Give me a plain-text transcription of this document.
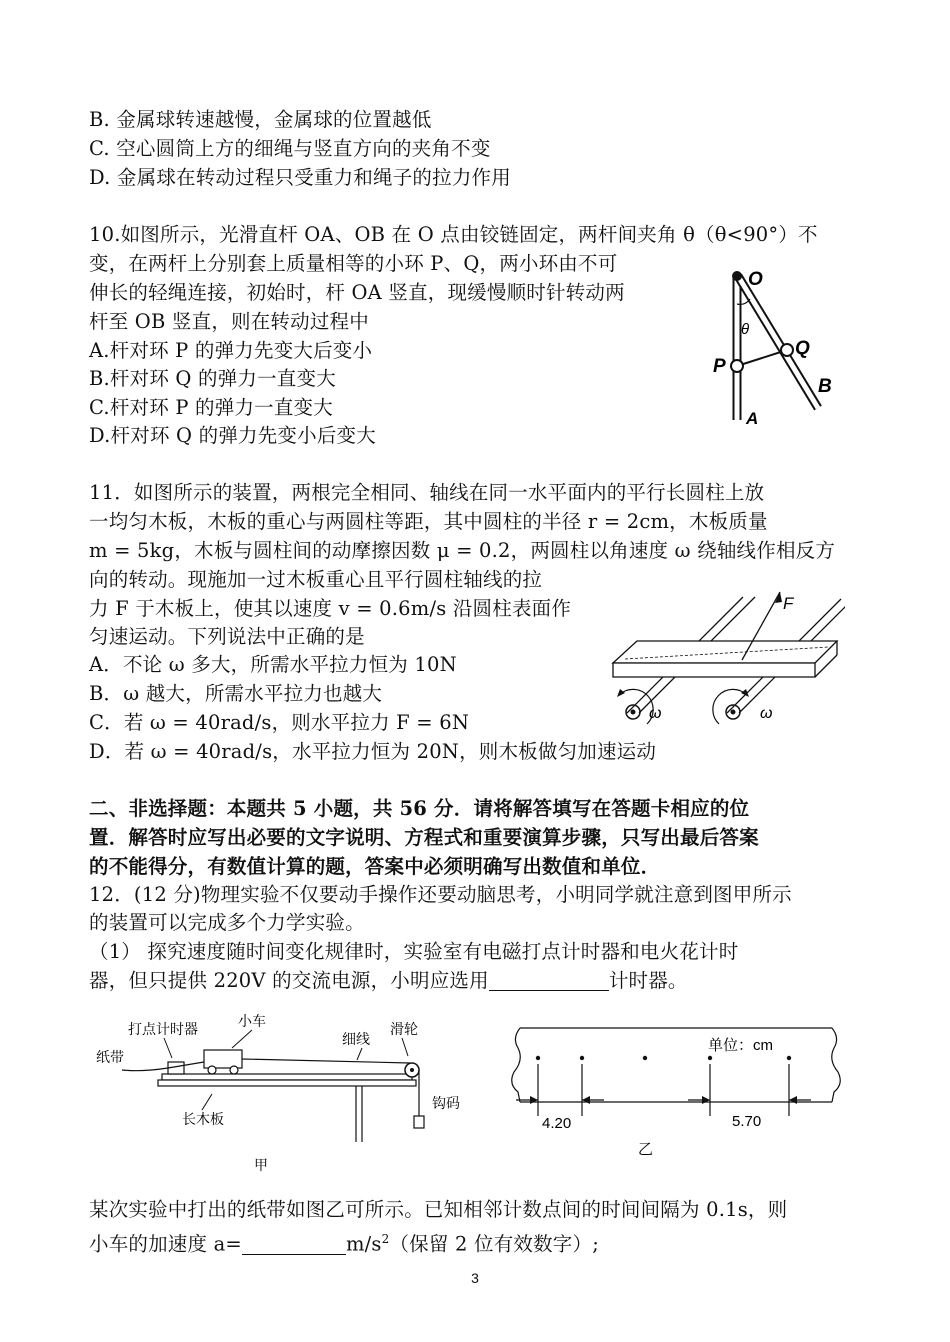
B. 金属球转速越慢，金属球的位置越低
C. 空心圆筒上方的细绳与竖直方向的夹角不变
D. 金属球在转动过程只受重力和绳子的拉力作用
10.如图所示，光滑直杆 OA、OB 在 O 点由铰链固定，两杆间夹角 θ（θ<90°）不
变，在两杆上分别套上质量相等的小环 P、Q，两小环由不可
伸长的轻绳连接，初始时，杆 OA 竖直，现缓慢顺时针转动两
杆至 OB 竖直，则在转动过程中
A.杆对环 P 的弹力先变大后变小
B.杆对环 Q 的弹力一直变大
C.杆对环 P 的弹力一直变大
D.杆对环 Q 的弹力先变小后变大
O
θ
P
Q
A
B
11．如图所示的装置，两根完全相同、轴线在同一水平面内的平行长圆柱上放
一均匀木板，木板的重心与两圆柱等距，其中圆柱的半径 r = 2cm，木板质量
m = 5kg，木板与圆柱间的动摩擦因数 μ = 0.2，两圆柱以角速度 ω 绕轴线作相反方
向的转动。现施加一过木板重心且平行圆柱轴线的拉
力 F 于木板上，使其以速度 v = 0.6m/s 沿圆柱表面作
匀速运动。下列说法中正确的是
A．不论 ω 多大，所需水平拉力恒为 10N
B．ω 越大，所需水平拉力也越大
C．若 ω = 40rad/s，则水平拉力 F = 6N
D．若 ω = 40rad/s，水平拉力恒为 20N，则木板做匀加速运动
F
ω	ω
二、非选择题：本题共 5 小题，共 56 分．请将解答填写在答题卡相应的位
置．解答时应写出必要的文字说明、方程式和重要演算步骤，只写出最后答案
的不能得分，有数值计算的题，答案中必须明确写出数值和单位．
12．(12 分)物理实验不仅要动手操作还要动脑思考，小明同学就注意到图甲所示
的装置可以完成多个力学实验。
（1） 探究速度随时间变化规律时，实验室有电磁打点计时器和电火花计时
器，但只提供 220V 的交流电源，小明应选用	计时器。
打点计时器	小车
纸带
细线
滑轮
长木板
钩码
甲
单位：cm
4.20	5.70
乙
某次实验中打出的纸带如图乙可所示。已知相邻计数点间的时间间隔为 0.1s，则
小车的加速度 a=	$m/s^2$（保留 2 位有效数字）;
3
